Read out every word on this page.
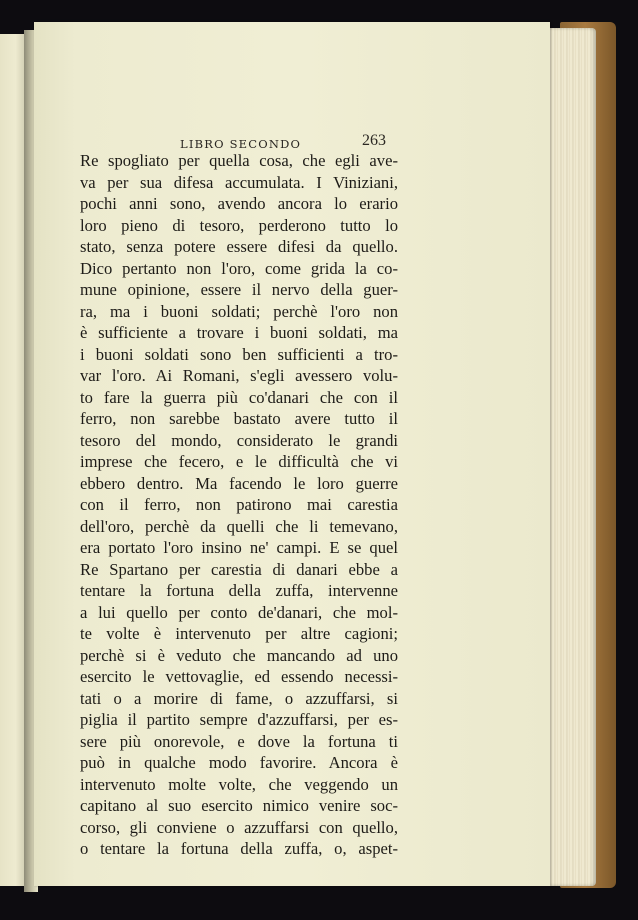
LIBRO SECONDO	263
Re spogliato per quella cosa, che egli ave-
va per sua difesa accumulata. I Viniziani,
pochi anni sono, avendo ancora lo erario
loro pieno di tesoro, perderono tutto lo
stato, senza potere essere difesi da quello.
Dico pertanto non l'oro, come grida la co-
mune opinione, essere il nervo della guer-
ra, ma i buoni soldati; perchè l'oro non
è sufficiente a trovare i buoni soldati, ma
i buoni soldati sono ben sufficienti a tro-
var l'oro. Ai Romani, s'egli avessero volu-
to fare la guerra più co'danari che con il
ferro, non sarebbe bastato avere tutto il
tesoro del mondo, considerato le grandi
imprese che fecero, e le difficultà che vi
ebbero dentro. Ma facendo le loro guerre
con il ferro, non patirono mai carestia
dell'oro, perchè da quelli che li temevano,
era portato l'oro insino ne' campi. E se quel
Re Spartano per carestia di danari ebbe a
tentare la fortuna della zuffa, intervenne
a lui quello per conto de'danari, che mol-
te volte è intervenuto per altre cagioni;
perchè si è veduto che mancando ad uno
esercito le vettovaglie, ed essendo necessi-
tati o a morire di fame, o azzuffarsi, si
piglia il partito sempre d'azzuffarsi, per es-
sere più onorevole, e dove la fortuna ti
può in qualche modo favorire. Ancora è
intervenuto molte volte, che veggendo un
capitano al suo esercito nimico venire soc-
corso, gli conviene o azzuffarsi con quello,
o tentare la fortuna della zuffa, o, aspet-
